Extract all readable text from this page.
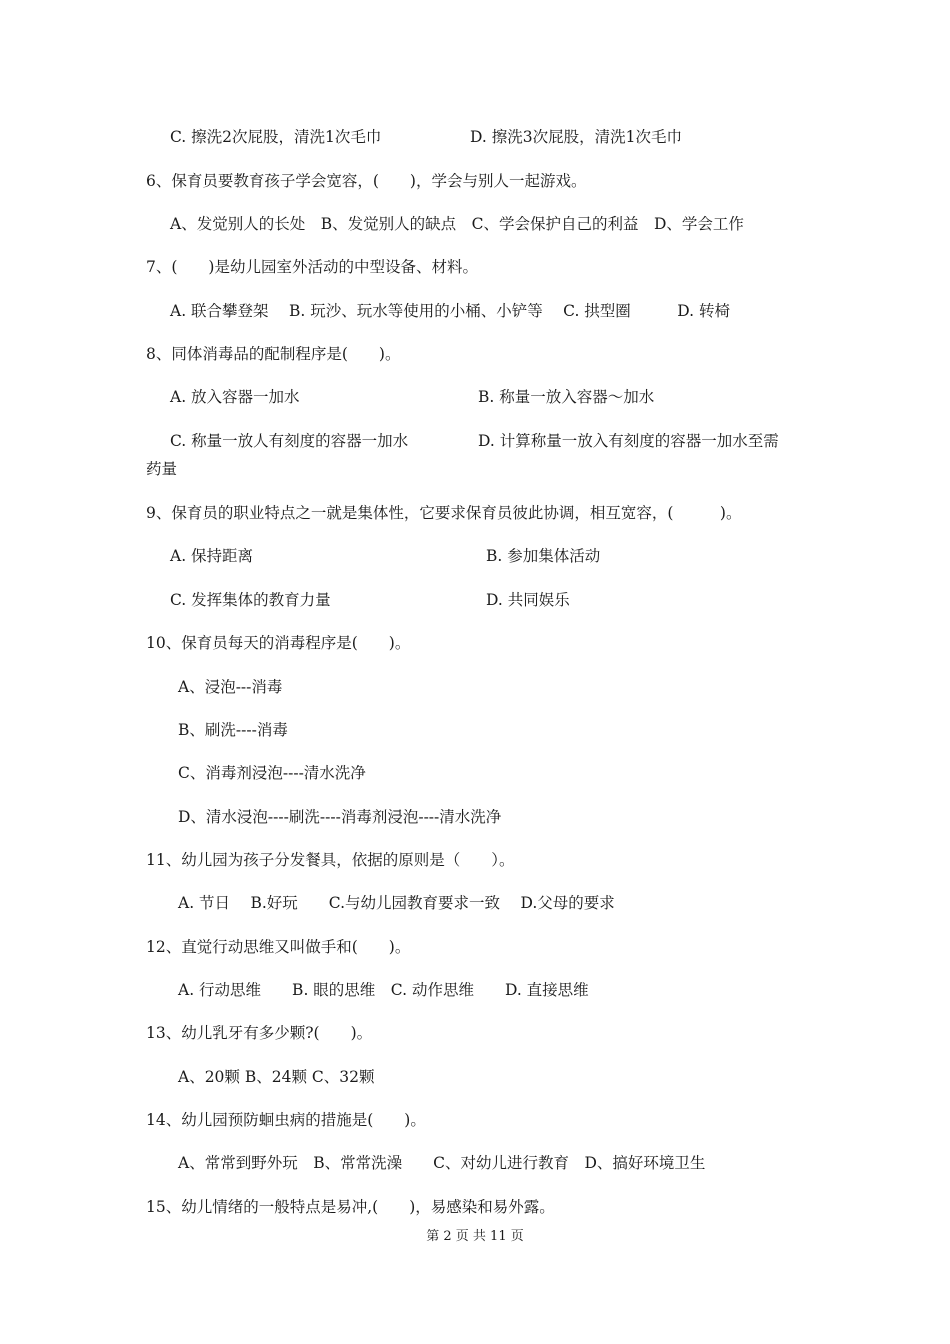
第 2 页 共 11 页
C. 擦洗2次屁股，清洗1次毛巾	D. 擦洗3次屁股，清洗1次毛巾
6、保育员要教育孩子学会宽容，(　　)，学会与别人一起游戏。
A、发觉别人的长处　B、发觉别人的缺点　C、学会保护自己的利益　D、学会工作
7、(　　)是幼儿园室外活动的中型设备、材料。
A. 联合攀登架　 B. 玩沙、玩水等使用的小桶、小铲等　 C. 拱型圈　　　D. 转椅
8、同体消毒品的配制程序是(　　)。
A. 放入容器一加水	B. 称量一放入容器～加水
C. 称量一放人有刻度的容器一加水	D. 计算称量一放入有刻度的容器一加水至需
药量
9、保育员的职业特点之一就是集体性，它要求保育员彼此协调，相互宽容，(　　　)。
A. 保持距离	B. 参加集体活动
C. 发挥集体的教育力量	D. 共同娱乐
10、保育员每天的消毒程序是(　　)。
A、浸泡---消毒
B、刷洗----消毒
C、消毒剂浸泡----清水洗净
D、清水浸泡----刷洗----消毒剂浸泡----清水洗净
11、幼儿园为孩子分发餐具，依据的原则是（　　）。
A. 节日　 B.好玩　　C.与幼儿园教育要求一致　 D.父母的要求
12、直觉行动思维又叫做手和(　　)。
A. 行动思维　　B. 眼的思维　C. 动作思维　　D. 直接思维
13、幼儿乳牙有多少颗?(　　)。
A、20颗 B、24颗 C、32颗
14、幼儿园预防蛔虫病的措施是(　　)。
A、常常到野外玩　B、常常洗澡　　C、对幼儿进行教育　D、搞好环境卫生
15、幼儿情绪的一般特点是易冲,(　　)，易感染和易外露。
